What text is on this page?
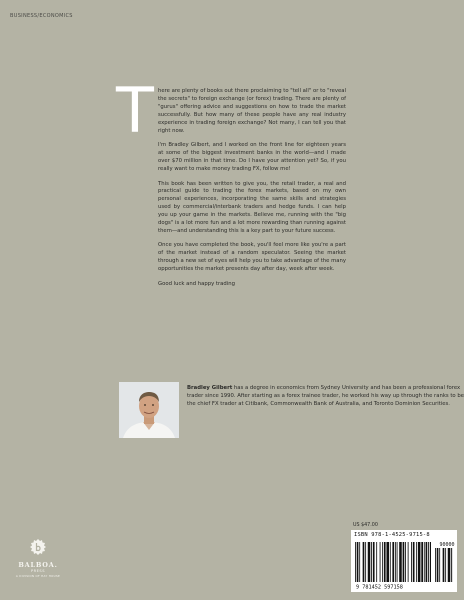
BUSINESS/ECONOMICS
T here are plenty of books out there proclaiming to "tell all" or to "reveal the secrets" to foreign exchange (or forex) trading. There are plenty of "gurus" offering advice and suggestions on how to trade the market successfully. But how many of these people have any real industry experience in trading foreign exchange? Not many, I can tell you that right now.

I'm Bradley Gilbert, and I worked on the front line for eighteen years at some of the biggest investment banks in the world—and I made over $70 million in that time. Do I have your attention yet? So, if you really want to make money trading FX, follow me!

This book has been written to give you, the retail trader, a real and practical guide to trading the forex markets, based on my own personal experiences, incorporating the same skills and strategies used by commercial/interbank traders and hedge funds. I can help you up your game in the markets. Believe me, running with the "big dogs" is a lot more fun and a lot more rewarding than running against them—and understanding this is a key part to your future success.

Once you have completed the book, you'll feel more like you're a part of the market instead of a random speculator. Seeing the market through a new set of eyes will help you to take advantage of the many opportunities the market presents day after day, week after week.

Good luck and happy trading

Bradley Gilbert has a degree in economics from Sydney University and has been a professional forex trader since 1990. After starting as a forex trainee trader, he worked his way up through the ranks to be the chief FX trader at Citibank, Commonwealth Bank of Australia, and Toronto Dominion Securities.
BALBOA.
PRESS
A DIVISION OF HAY HOUSE
US $47.00
ISBN 978-1-4525-9715-8
90000
9 781452 597158
